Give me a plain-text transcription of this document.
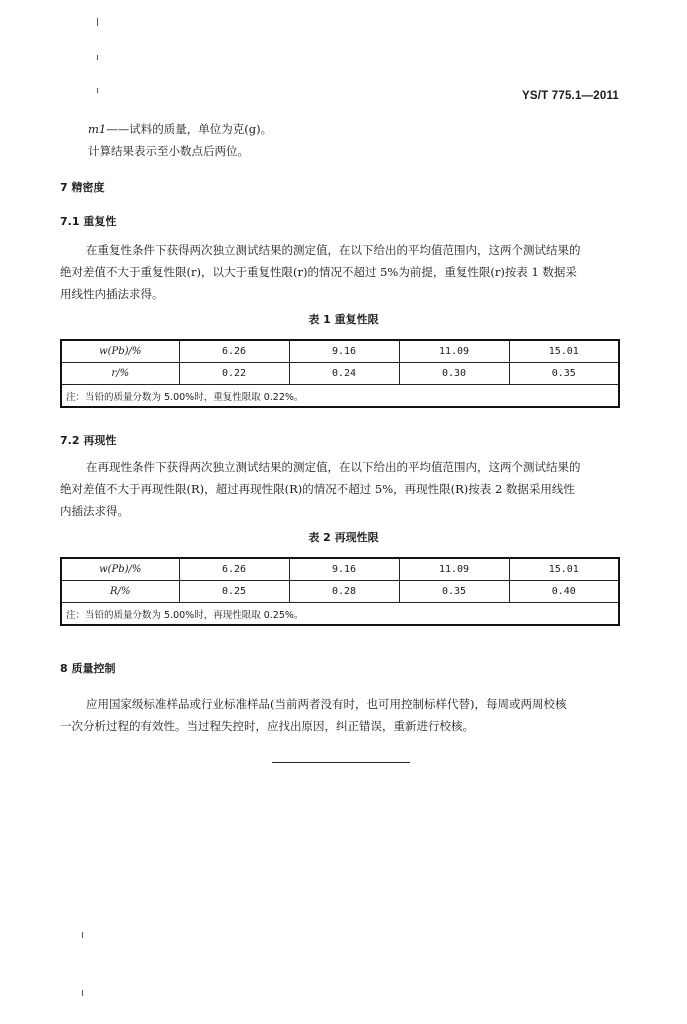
YS/T 775.1—2011
m1——试料的质量，单位为克(g)。
计算结果表示至小数点后两位。
7 精密度
7.1 重复性
在重复性条件下获得两次独立测试结果的测定值，在以下给出的平均值范围内，这两个测试结果的
绝对差值不大于重复性限(r)，以大于重复性限(r)的情况不超过 5%为前提，重复性限(r)按表 1 数据采
用线性内插法求得。
表 1 重复性限
w(Pb)/%	6.26	9.16	11.09	15.01
r/%	0.22	0.24	0.30	0.35
注：当铅的质量分数为 5.00%时，重复性限取 0.22%。				
7.2 再现性
在再现性条件下获得两次独立测试结果的测定值，在以下给出的平均值范围内，这两个测试结果的
绝对差值不大于再现性限(R)，超过再现性限(R)的情况不超过 5%，再现性限(R)按表 2 数据采用线性
内插法求得。
表 2 再现性限
w(Pb)/%	6.26	9.16	11.09	15.01
R/%	0.25	0.28	0.35	0.40
注：当铅的质量分数为 5.00%时，再现性限取 0.25%。				
8 质量控制
应用国家级标准样品或行业标准样品(当前两者没有时，也可用控制标样代替)，每周或两周校核
一次分析过程的有效性。当过程失控时，应找出原因，纠正错误，重新进行校核。
